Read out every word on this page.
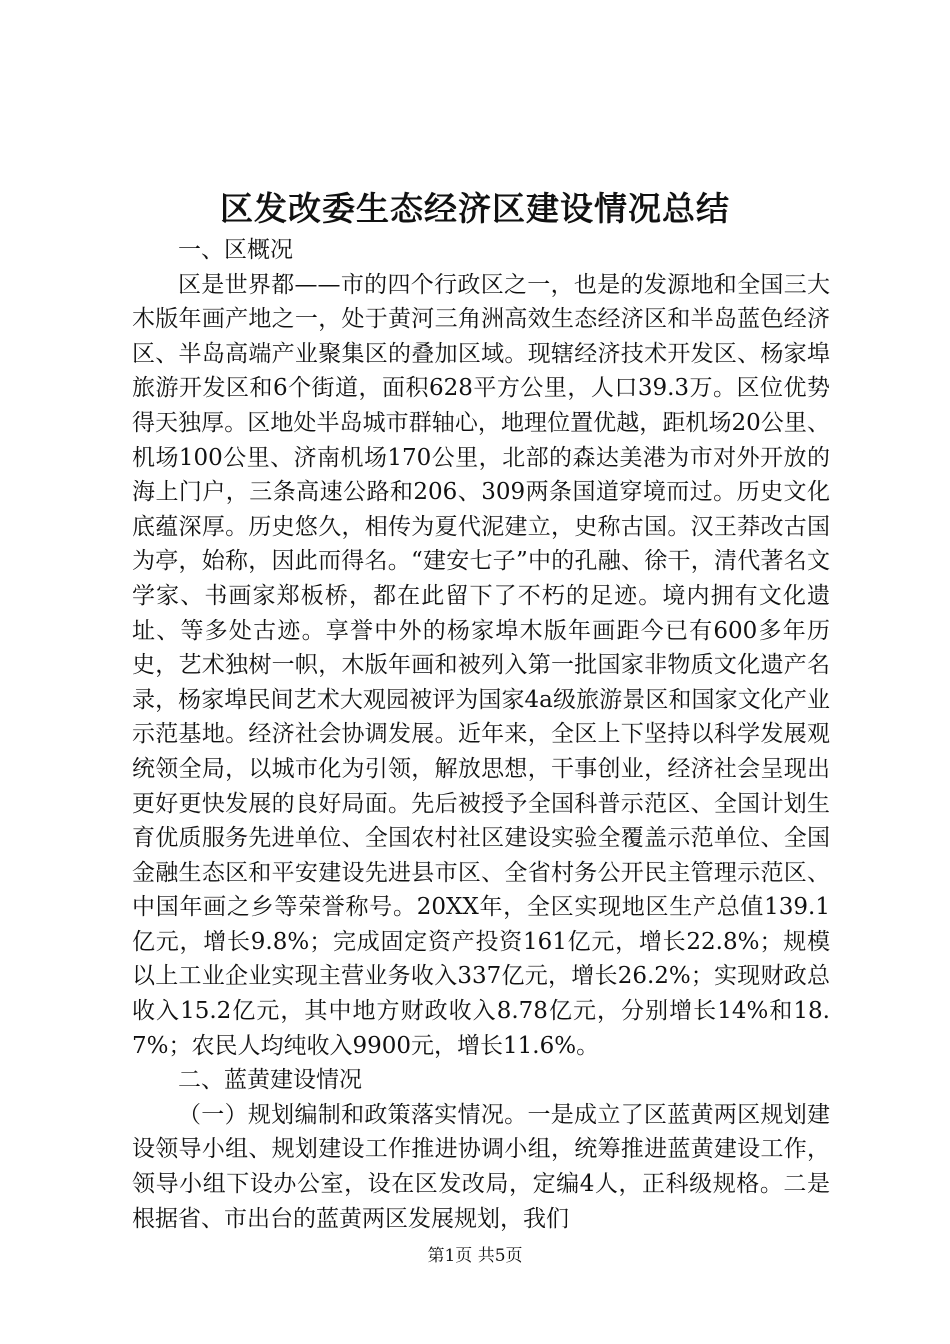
区发改委生态经济区建设情况总结

一、区概况

区是世界都——市的四个行政区之一，也是的发源地和全国三大木版年画产地之一，处于黄河三角洲高效生态经济区和半岛蓝色经济区、半岛高端产业聚集区的叠加区域。现辖经济技术开发区、杨家埠旅游开发区和6个街道，面积628平方公里，人口39.3万。区位优势得天独厚。区地处半岛城市群轴心，地理位置优越，距机场20公里、机场100公里、济南机场170公里，北部的森达美港为市对外开放的海上门户，三条高速公路和206、309两条国道穿境而过。历史文化底蕴深厚。历史悠久，相传为夏代泥建立，史称古国。汉王莽改古国为亭，始称，因此而得名。“建安七子”中的孔融、徐干，清代著名文学家、书画家郑板桥，都在此留下了不朽的足迹。境内拥有文化遗址、等多处古迹。享誉中外的杨家埠木版年画距今已有600多年历史，艺术独树一帜，木版年画和被列入第一批国家非物质文化遗产名录，杨家埠民间艺术大观园被评为国家4a级旅游景区和国家文化产业示范基地。经济社会协调发展。近年来，全区上下坚持以科学发展观统领全局，以城市化为引领，解放思想，干事创业，经济社会呈现出更好更快发展的良好局面。先后被授予全国科普示范区、全国计划生育优质服务先进单位、全国农村社区建设实验全覆盖示范单位、全国金融生态区和平安建设先进县市区、全省村务公开民主管理示范区、中国年画之乡等荣誉称号。20XX年，全区实现地区生产总值139.1亿元，增长9.8%；完成固定资产投资161亿元，增长22.8%；规模以上工业企业实现主营业务收入337亿元，增长26.2%；实现财政总收入15.2亿元，其中地方财政收入8.78亿元，分别增长14%和18.7%；农民人均纯收入9900元，增长11.6%。

二、蓝黄建设情况

（一）规划编制和政策落实情况。一是成立了区蓝黄两区规划建设领导小组、规划建设工作推进协调小组，统筹推进蓝黄建设工作，领导小组下设办公室，设在区发改局，定编4人，正科级规格。二是根据省、市出台的蓝黄两区发展规划，我们

第1页 共5页
